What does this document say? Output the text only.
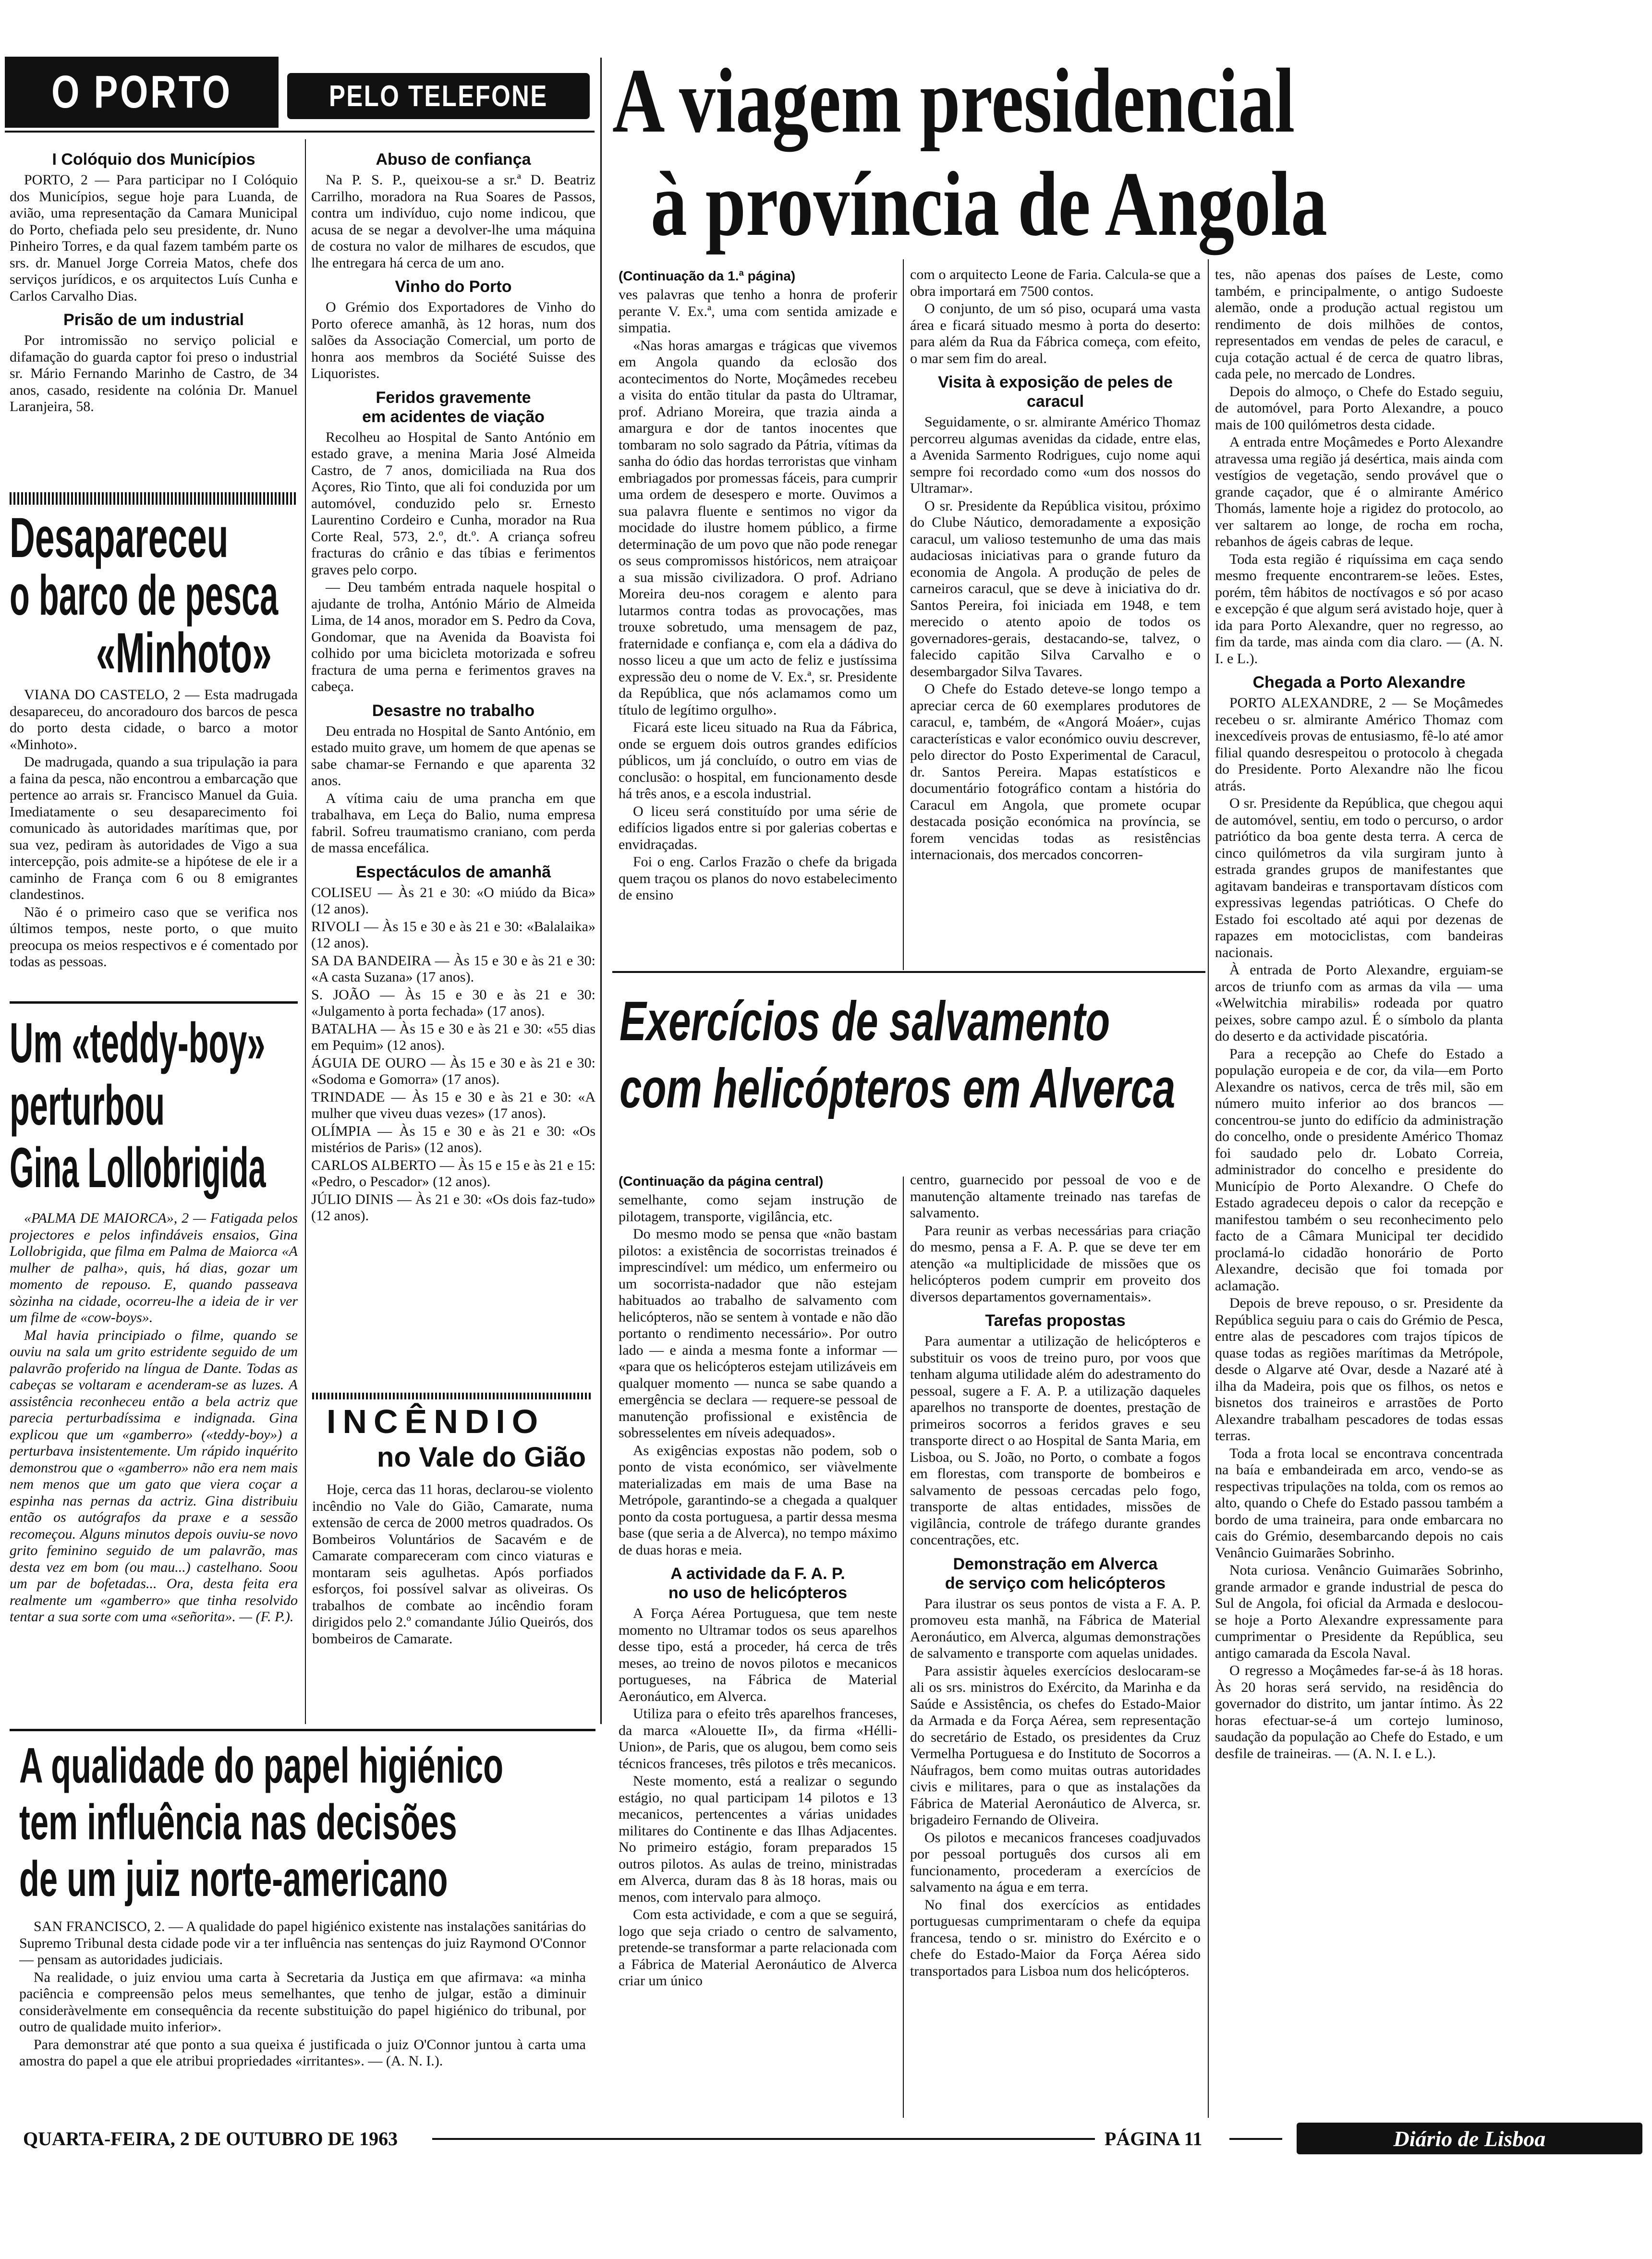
O PORTO	PELO TELEFONE
I Colóquio dos Municípios

PORTO, 2 — Para participar no I Colóquio dos Municípios, segue hoje para Luanda, de avião, uma representação da Camara Municipal do Porto, chefiada pelo seu presidente, dr. Nuno Pinheiro Torres, e da qual fazem também parte os srs. dr. Manuel Jorge Correia Matos, chefe dos serviços jurídicos, e os arquitectos Luís Cunha e Carlos Carvalho Dias.

Prisão de um industrial

Por intromissão no serviço policial e difamação do guarda captor foi preso o industrial sr. Mário Fernando Marinho de Castro, de 34 anos, casado, residente na colónia Dr. Manuel Laranjeira, 58.

Desapareceu
o barco de pesca
«Minhoto»

VIANA DO CASTELO, 2 — Esta madrugada desapareceu, do ancoradouro dos barcos de pesca do porto desta cidade, o barco a motor «Minhoto».

De madrugada, quando a sua tripulação ia para a faina da pesca, não encontrou a embarcação que pertence ao arrais sr. Francisco Manuel da Guia. Imediatamente o seu desaparecimento foi comunicado às autoridades marítimas que, por sua vez, pediram às autoridades de Vigo a sua intercepção, pois admite-se a hipótese de ele ir a caminho de França com 6 ou 8 emigrantes clandestinos.

Não é o primeiro caso que se verifica nos últimos tempos, neste porto, o que muito preocupa os meios respectivos e é comentado por todas as pessoas.

Um «teddy-boy»
perturbou
Gina Lollobrigida

«PALMA DE MAIORCA», 2 — Fatigada pelos projectores e pelos infindáveis ensaios, Gina Lollobrigida, que filma em Palma de Maiorca «A mulher de palha», quis, há dias, gozar um momento de repouso. E, quando passeava sòzinha na cidade, ocorreu-lhe a ideia de ir ver um filme de «cow-boys».

Mal havia principiado o filme, quando se ouviu na sala um grito estridente seguido de um palavrão proferido na língua de Dante. Todas as cabeças se voltaram e acenderam-se as luzes. A assistência reconheceu então a bela actriz que parecia perturbadíssima e indignada. Gina explicou que um «gamberro» («teddy-boy») a perturbava insistentemente. Um rápido inquérito demonstrou que o «gamberro» não era nem mais nem menos que um gato que viera coçar a espinha nas pernas da actriz. Gina distribuiu então os autógrafos da praxe e a sessão recomeçou. Alguns minutos depois ouviu-se novo grito feminino seguido de um palavrão, mas desta vez em bom (ou mau...) castelhano. Soou um par de bofetadas... Ora, desta feita era realmente um «gamberro» que tinha resolvido tentar a sua sorte com uma «señorita». — (F. P.).

Abuso de confiança

Na P. S. P., queixou-se a sr.ª D. Beatriz Carrilho, moradora na Rua Soares de Passos, contra um indivíduo, cujo nome indicou, que acusa de se negar a devolver-lhe uma máquina de costura no valor de milhares de escudos, que lhe entregara há cerca de um ano.

Vinho do Porto

O Grémio dos Exportadores de Vinho do Porto oferece amanhã, às 12 horas, num dos salões da Associação Comercial, um porto de honra aos membros da Société Suisse des Liquoristes.

Feridos gravemente
em acidentes de viação

Recolheu ao Hospital de Santo António em estado grave, a menina Maria José Almeida Castro, de 7 anos, domiciliada na Rua dos Açores, Rio Tinto, que ali foi conduzida por um automóvel, conduzido pelo sr. Ernesto Laurentino Cordeiro e Cunha, morador na Rua Corte Real, 573, 2.º, dt.º. A criança sofreu fracturas do crânio e das tíbias e ferimentos graves pelo corpo.

— Deu também entrada naquele hospital o ajudante de trolha, António Mário de Almeida Lima, de 14 anos, morador em S. Pedro da Cova, Gondomar, que na Avenida da Boavista foi colhido por uma bicicleta motorizada e sofreu fractura de uma perna e ferimentos graves na cabeça.

Desastre no trabalho

Deu entrada no Hospital de Santo António, em estado muito grave, um homem de que apenas se sabe chamar-se Fernando e que aparenta 32 anos.

A vítima caiu de uma prancha em que trabalhava, em Leça do Balio, numa empresa fabril. Sofreu traumatismo craniano, com perda de massa encefálica.

Espectáculos de amanhã

COLISEU — Às 21 e 30: «O miúdo da Bica» (12 anos).

RIVOLI — Às 15 e 30 e às 21 e 30: «Balalaika» (12 anos).

SA DA BANDEIRA — Às 15 e 30 e às 21 e 30: «A casta Suzana» (17 anos).

S. JOÃO — Às 15 e 30 e às 21 e 30: «Julgamento à porta fechada» (17 anos).

BATALHA — Às 15 e 30 e às 21 e 30: «55 dias em Pequim» (12 anos).

ÁGUIA DE OURO — Às 15 e 30 e às 21 e 30: «Sodoma e Gomorra» (17 anos).

TRINDADE — Às 15 e 30 e às 21 e 30: «A mulher que viveu duas vezes» (17 anos).

OLÍMPIA — Às 15 e 30 e às 21 e 30: «Os mistérios de Paris» (12 anos).

CARLOS ALBERTO — Às 15 e 15 e às 21 e 15: «Pedro, o Pescador» (12 anos).

JÚLIO DINIS — Às 21 e 30: «Os dois faz-tudo» (12 anos).

INCÊNDIO
no Vale do Gião

Hoje, cerca das 11 horas, declarou-se violento incêndio no Vale do Gião, Camarate, numa extensão de cerca de 2000 metros quadrados. Os Bombeiros Voluntários de Sacavém e de Camarate compareceram com cinco viaturas e montaram seis agulhetas. Após porfiados esforços, foi possível salvar as oliveiras. Os trabalhos de combate ao incêndio foram dirigidos pelo 2.º comandante Júlio Queirós, dos bombeiros de Camarate.

A qualidade do papel higiénico
tem influência nas decisões
de um juiz norte-americano

SAN FRANCISCO, 2. — A qualidade do papel higiénico existente nas instalações sanitárias do Supremo Tribunal desta cidade pode vir a ter influência nas sentenças do juiz Raymond O'Connor — pensam as autoridades judiciais.

Na realidade, o juiz enviou uma carta à Secretaria da Justiça em que afirmava: «a minha paciência e compreensão pelos meus semelhantes, que tenho de julgar, estão a diminuir consideràvelmente em consequência da recente substituição do papel higiénico do tribunal, por outro de qualidade muito inferior».

Para demonstrar até que ponto a sua queixa é justificada o juiz O'Connor juntou à carta uma amostra do papel a que ele atribui propriedades «irritantes». — (A. N. I.).

A viagem presidencial
à província de Angola
(Continuação da 1.ª página)

ves palavras que tenho a honra de proferir perante V. Ex.ª, uma com sentida amizade e simpatia.

«Nas horas amargas e trágicas que vivemos em Angola quando da eclosão dos acontecimentos do Norte, Moçâmedes recebeu a visita do então titular da pasta do Ultramar, prof. Adriano Moreira, que trazia ainda a amargura e dor de tantos inocentes que tombaram no solo sagrado da Pátria, vítimas da sanha do ódio das hordas terroristas que vinham embriagados por promessas fáceis, para cumprir uma ordem de desespero e morte. Ouvimos a sua palavra fluente e sentimos no vigor da mocidade do ilustre homem público, a firme determinação de um povo que não pode renegar os seus compromissos históricos, nem atraiçoar a sua missão civilizadora. O prof. Adriano Moreira deu-nos coragem e alento para lutarmos contra todas as provocações, mas trouxe sobretudo, uma mensagem de paz, fraternidade e confiança e, com ela a dádiva do nosso liceu a que um acto de feliz e justíssima expressão deu o nome de V. Ex.ª, sr. Presidente da República, que nós aclamamos como um título de legítimo orgulho».

Ficará este liceu situado na Rua da Fábrica, onde se erguem dois outros grandes edifícios públicos, um já concluído, o outro em vias de conclusão: o hospital, em funcionamento desde há três anos, e a escola industrial.

O liceu será constituído por uma série de edifícios ligados entre si por galerias cobertas e envidraçadas.

Foi o eng. Carlos Frazão o chefe da brigada quem traçou os planos do novo estabelecimento de ensino

com o arquitecto Leone de Faria. Calcula-se que a obra importará em 7500 contos.

O conjunto, de um só piso, ocupará uma vasta área e ficará situado mesmo à porta do deserto: para além da Rua da Fábrica começa, com efeito, o mar sem fim do areal.

Visita à exposição de peles de caracul

Seguidamente, o sr. almirante Américo Thomaz percorreu algumas avenidas da cidade, entre elas, a Avenida Sarmento Rodrigues, cujo nome aqui sempre foi recordado como «um dos nossos do Ultramar».

O sr. Presidente da República visitou, próximo do Clube Náutico, demoradamente a exposição caracul, um valioso testemunho de uma das mais audaciosas iniciativas para o grande futuro da economia de Angola. A produção de peles de carneiros caracul, que se deve à iniciativa do dr. Santos Pereira, foi iniciada em 1948, e tem merecido o atento apoio de todos os governadores-gerais, destacando-se, talvez, o falecido capitão Silva Carvalho e o desembargador Silva Tavares.

O Chefe do Estado deteve-se longo tempo a apreciar cerca de 60 exemplares produtores de caracul, e, também, de «Angorá Moáer», cujas características e valor económico ouviu descrever, pelo director do Posto Experimental de Caracul, dr. Santos Pereira. Mapas estatísticos e documentário fotográfico contam a história do Caracul em Angola, que promete ocupar destacada posição económica na província, se forem vencidas todas as resistências internacionais, dos mercados concorren-

tes, não apenas dos países de Leste, como também, e principalmente, o antigo Sudoeste alemão, onde a produção actual registou um rendimento de dois milhões de contos, representados em vendas de peles de caracul, e cuja cotação actual é de cerca de quatro libras, cada pele, no mercado de Londres.

Depois do almoço, o Chefe do Estado seguiu, de automóvel, para Porto Alexandre, a pouco mais de 100 quilómetros desta cidade.

A entrada entre Moçâmedes e Porto Alexandre atravessa uma região já desértica, mais ainda com vestígios de vegetação, sendo provável que o grande caçador, que é o almirante Américo Thomás, lamente hoje a rigidez do protocolo, ao ver saltarem ao longe, de rocha em rocha, rebanhos de ágeis cabras de leque.

Toda esta região é riquíssima em caça sendo mesmo frequente encontrarem-se leões. Estes, porém, têm hábitos de noctívagos e só por acaso e excepção é que algum será avistado hoje, quer à ida para Porto Alexandre, quer no regresso, ao fim da tarde, mas ainda com dia claro. — (A. N. I. e L.).

Chegada a Porto Alexandre

PORTO ALEXANDRE, 2 — Se Moçâmedes recebeu o sr. almirante Américo Thomaz com inexcedíveis provas de entusiasmo, fê-lo até amor filial quando desrespeitou o protocolo à chegada do Presidente. Porto Alexandre não lhe ficou atrás.

O sr. Presidente da República, que chegou aqui de automóvel, sentiu, em todo o percurso, o ardor patriótico da boa gente desta terra. A cerca de cinco quilómetros da vila surgiram junto à estrada grandes grupos de manifestantes que agitavam bandeiras e transportavam dísticos com expressivas legendas patrióticas. O Chefe do Estado foi escoltado até aqui por dezenas de rapazes em motociclistas, com bandeiras nacionais.

À entrada de Porto Alexandre, erguiam-se arcos de triunfo com as armas da vila — uma «Welwitchia mirabilis» rodeada por quatro peixes, sobre campo azul. É o símbolo da planta do deserto e da actividade piscatória.

Para a recepção ao Chefe do Estado a população europeia e de cor, da vila—em Porto Alexandre os nativos, cerca de três mil, são em número muito inferior ao dos brancos — concentrou-se junto do edifício da administração do concelho, onde o presidente Américo Thomaz foi saudado pelo dr. Lobato Correia, administrador do concelho e presidente do Município de Porto Alexandre. O Chefe do Estado agradeceu depois o calor da recepção e manifestou também o seu reconhecimento pelo facto de a Câmara Municipal ter decidido proclamá-lo cidadão honorário de Porto Alexandre, decisão que foi tomada por aclamação.

Depois de breve repouso, o sr. Presidente da República seguiu para o cais do Grémio de Pesca, entre alas de pescadores com trajos típicos de quase todas as regiões marítimas da Metrópole, desde o Algarve até Ovar, desde a Nazaré até à ilha da Madeira, pois que os filhos, os netos e bisnetos dos traineiros e arrastões de Porto Alexandre trabalham pescadores de todas essas terras.

Toda a frota local se encontrava concentrada na baía e embandeirada em arco, vendo-se as respectivas tripulações na tolda, com os remos ao alto, quando o Chefe do Estado passou também a bordo de uma traineira, para onde embarcara no cais do Grémio, desembarcando depois no cais Venâncio Guimarães Sobrinho.

Nota curiosa. Venâncio Guimarães Sobrinho, grande armador e grande industrial de pesca do Sul de Angola, foi oficial da Armada e deslocou-se hoje a Porto Alexandre expressamente para cumprimentar o Presidente da República, seu antigo camarada da Escola Naval.

O regresso a Moçâmedes far-se-á às 18 horas. Às 20 horas será servido, na residência do governador do distrito, um jantar íntimo. Às 22 horas efectuar-se-á um cortejo luminoso, saudação da população ao Chefe do Estado, e um desfile de traineiras. — (A. N. I. e L.).

Exercícios de salvamento
com helicópteros em Alverca
(Continuação da página central)

semelhante, como sejam instrução de pilotagem, transporte, vigilância, etc.

Do mesmo modo se pensa que «não bastam pilotos: a existência de socorristas treinados é imprescindível: um médico, um enfermeiro ou um socorrista-nadador que não estejam habituados ao trabalho de salvamento com helicópteros, não se sentem à vontade e não dão portanto o rendimento necessário». Por outro lado — e ainda a mesma fonte a informar — «para que os helicópteros estejam utilizáveis em qualquer momento — nunca se sabe quando a emergência se declara — requere-se pessoal de manutenção profissional e existência de sobresselentes em níveis adequados».

As exigências expostas não podem, sob o ponto de vista económico, ser viàvelmente materializadas em mais de uma Base na Metrópole, garantindo-se a chegada a qualquer ponto da costa portuguesa, a partir dessa mesma base (que seria a de Alverca), no tempo máximo de duas horas e meia.

A actividade da F. A. P.
no uso de helicópteros

A Força Aérea Portuguesa, que tem neste momento no Ultramar todos os seus aparelhos desse tipo, está a proceder, há cerca de três meses, ao treino de novos pilotos e mecanicos portugueses, na Fábrica de Material Aeronáutico, em Alverca.

Utiliza para o efeito três aparelhos franceses, da marca «Alouette II», da firma «Hélli-Union», de Paris, que os alugou, bem como seis técnicos franceses, três pilotos e três mecanicos.

Neste momento, está a realizar o segundo estágio, no qual participam 14 pilotos e 13 mecanicos, pertencentes a várias unidades militares do Continente e das Ilhas Adjacentes. No primeiro estágio, foram preparados 15 outros pilotos. As aulas de treino, ministradas em Alverca, duram das 8 às 18 horas, mais ou menos, com intervalo para almoço.

Com esta actividade, e com a que se seguirá, logo que seja criado o centro de salvamento, pretende-se transformar a parte relacionada com a Fábrica de Material Aeronáutico de Alverca criar um único

centro, guarnecido por pessoal de voo e de manutenção altamente treinado nas tarefas de salvamento.

Para reunir as verbas necessárias para criação do mesmo, pensa a F. A. P. que se deve ter em atenção «a multiplicidade de missões que os helicópteros podem cumprir em proveito dos diversos departamentos governamentais».

Tarefas propostas

Para aumentar a utilização de helicópteros e substituir os voos de treino puro, por voos que tenham alguma utilidade além do adestramento do pessoal, sugere a F. A. P. a utilização daqueles aparelhos no transporte de doentes, prestação de primeiros socorros a feridos graves e seu transporte direct o ao Hospital de Santa Maria, em Lisboa, ou S. João, no Porto, o combate a fogos em florestas, com transporte de bombeiros e salvamento de pessoas cercadas pelo fogo, transporte de altas entidades, missões de vigilância, controle de tráfego durante grandes concentrações, etc.

Demonstração em Alverca
de serviço com helicópteros

Para ilustrar os seus pontos de vista a F. A. P. promoveu esta manhã, na Fábrica de Material Aeronáutico, em Alverca, algumas demonstrações de salvamento e transporte com aquelas unidades.

Para assistir àqueles exercícios deslocaram-se ali os srs. ministros do Exército, da Marinha e da Saúde e Assistência, os chefes do Estado-Maior da Armada e da Força Aérea, sem representação do secretário de Estado, os presidentes da Cruz Vermelha Portuguesa e do Instituto de Socorros a Náufragos, bem como muitas outras autoridades civis e militares, para o que as instalações da Fábrica de Material Aeronáutico de Alverca, sr. brigadeiro Fernando de Oliveira.

Os pilotos e mecanicos franceses coadjuvados por pessoal português dos cursos ali em funcionamento, procederam a exercícios de salvamento na água e em terra.

No final dos exercícios as entidades portuguesas cumprimentaram o chefe da equipa francesa, tendo o sr. ministro do Exército e o chefe do Estado-Maior da Força Aérea sido transportados para Lisboa num dos helicópteros.

QUARTA-FEIRA, 2 DE OUTUBRO DE 1963	PÁGINA 11	Diário de Lisboa
